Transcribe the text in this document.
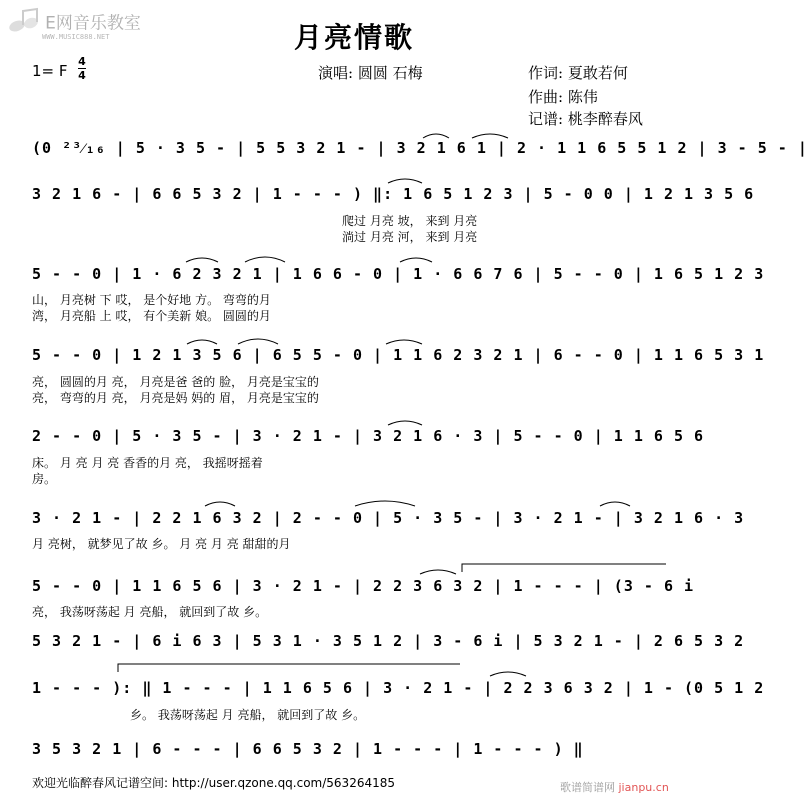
E网音乐教室
WWW.MUSIC888.NET	月亮情歌
1= F
4
4	演唱: 圆圆 石梅	作词: 夏敢若何
作曲: 陈伟
记谱: 桃李醉春风
(0 ²³⁄₁₆ | 5 · 3 5 - | 5 5 3 2 1 - | 3 2 1 6 1 | 2 · 1 1 6 5 5 1 2 | 3 - 5 - |
3 2 1 6 - | 6 6 5 3 2 | 1 - - - ) ‖: 1 6 5 1 2 3 | 5 - 0 0 | 1 2 1 3 5 6
爬过 月亮 坡， 来到 月亮
淌过 月亮 河， 来到 月亮
5 - - 0 | 1 · 6 2 3 2 1 | 1 6 6 - 0 | 1 · 6 6 7 6 | 5 - - 0 | 1 6 5 1 2 3
山， 月亮树 下 哎， 是个好地 方。 弯弯的月
湾， 月亮船 上 哎， 有个美新 娘。 圆圆的月
5 - - 0 | 1 2 1 3 5 6 | 6 5 5 - 0 | 1 1 6 2 3 2 1 | 6 - - 0 | 1 1 6 5 3 1
亮， 圆圆的月 亮， 月亮是爸 爸的 脸， 月亮是宝宝的
亮， 弯弯的月 亮， 月亮是妈 妈的 眉， 月亮是宝宝的
2 - - 0 | 5 · 3 5 - | 3 · 2 1 - | 3 2 1 6 · 3 | 5 - - 0 | 1 1 6 5 6
床。 月 亮 月 亮 香香的月 亮， 我摇呀摇着
房。
3 · 2 1 - | 2 2 1 6 3 2 | 2 - - 0 | 5 · 3 5 - | 3 · 2 1 - | 3 2 1 6 · 3
月 亮树， 就梦见了故 乡。 月 亮 月 亮 甜甜的月
5 - - 0 | 1 1 6 5 6 | 3 · 2 1 - | 2 2 3 6 3 2 | 1 - - - | (3 - 6 i
亮， 我荡呀荡起 月 亮船， 就回到了故 乡。
5 3 2 1 - | 6 i 6 3 | 5 3 1 · 3 5 1 2 | 3 - 6 i | 5 3 2 1 - | 2 6 5 3 2
1 - - - ): ‖ 1 - - - | 1 1 6 5 6 | 3 · 2 1 - | 2 2 3 6 3 2 | 1 - (0 5 1 2
乡。 我荡呀荡起 月 亮船， 就回到了故 乡。
3 5 3 2 1 | 6 - - - | 6 6 5 3 2 | 1 - - - | 1 - - - ) ‖
欢迎光临醉春风记谱空间: http://user.qzone.qq.com/563264185	歌谱简谱网 jianpu.cn
